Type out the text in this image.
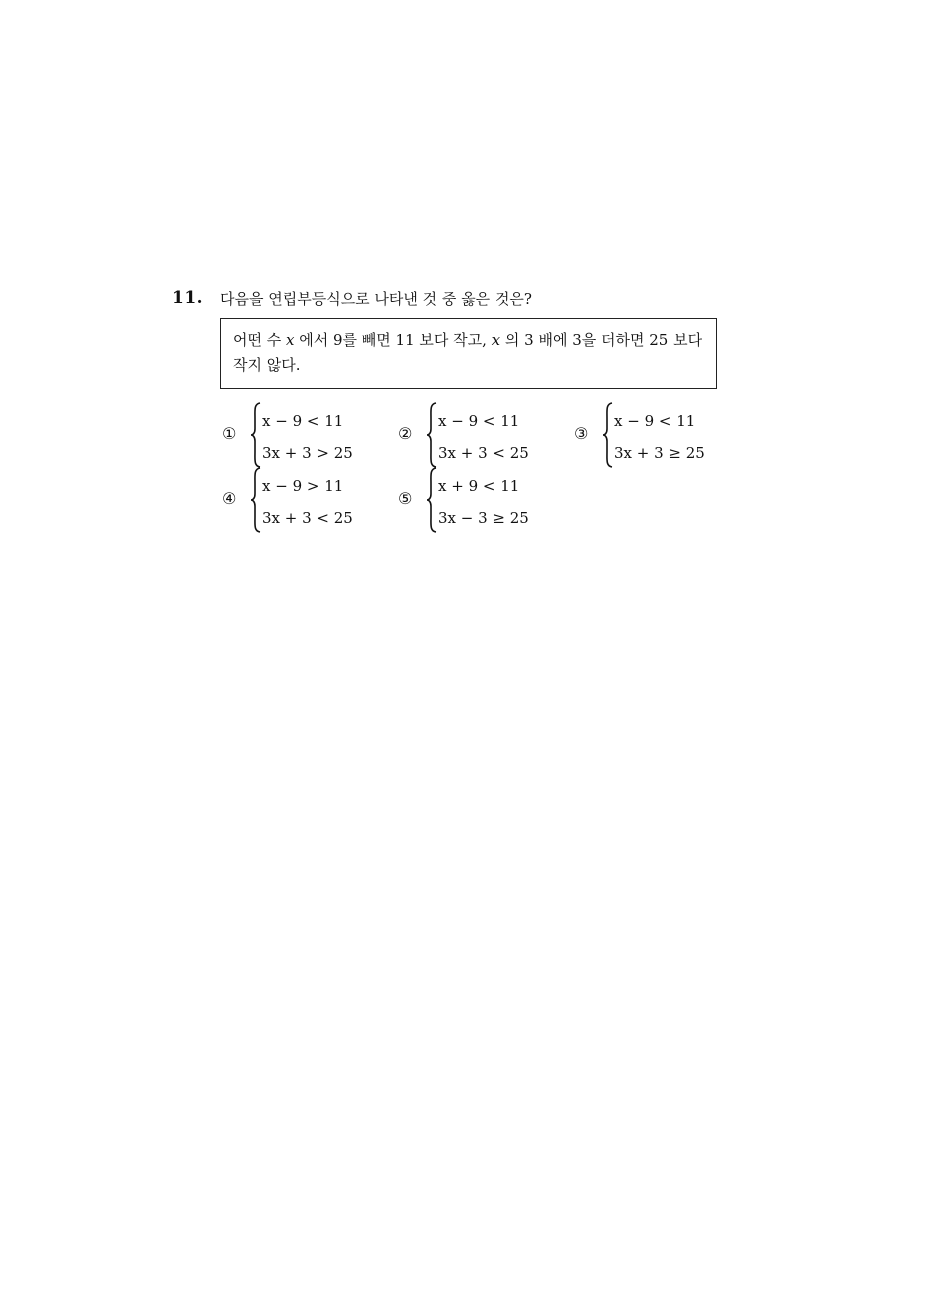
11. 다음을 연립부등식으로 나타낸 것 중 옳은 것은?
어떤 수 x 에서 9를 빼면 11 보다 작고, x 의 3 배에 3을 더하면 25 보다
작지 않다.
①
x − 9 < 11
3x + 3 > 25
②
x − 9 < 11
3x + 3 < 25
③
x − 9 < 11
3x + 3 ≥ 25
④
x − 9 > 11
3x + 3 < 25
⑤
x + 9 < 11
3x − 3 ≥ 25
